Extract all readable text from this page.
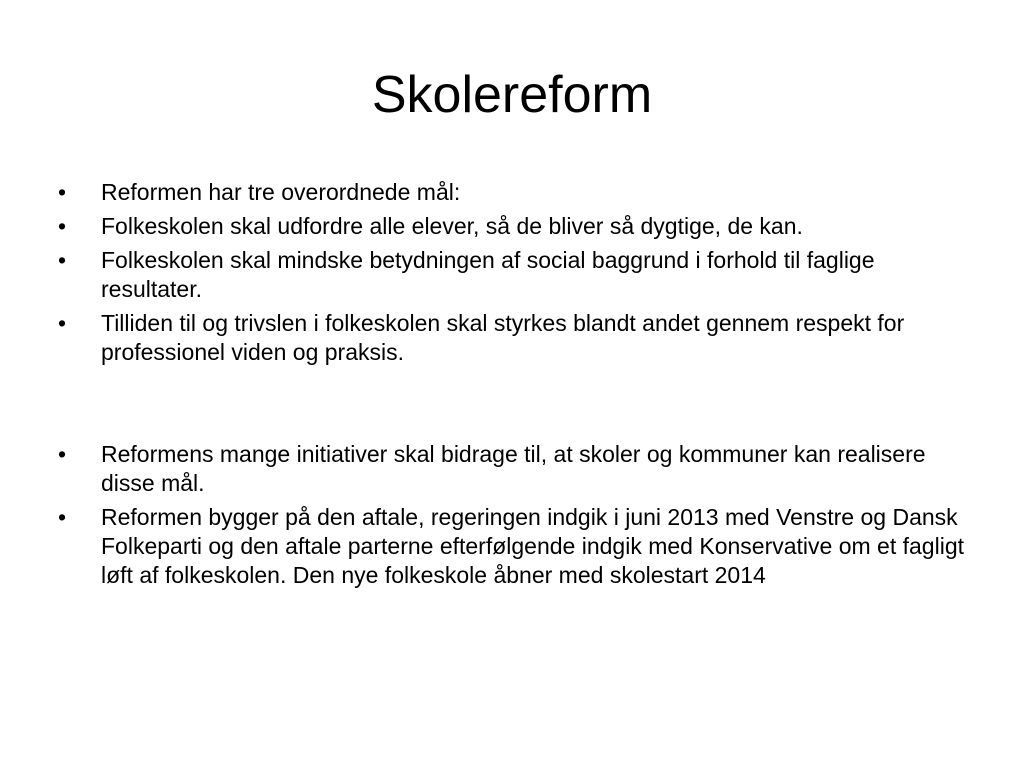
Skolereform
•	Reformen har tre overordnede mål:
•	Folkeskolen skal udfordre alle elever, så de bliver så dygtige, de kan.
•	Folkeskolen skal mindske betydningen af social baggrund i forhold til faglige resultater.
•	Tilliden til og trivslen i folkeskolen skal styrkes blandt andet gennem respekt for professionel viden og praksis.
•	Reformens mange initiativer skal bidrage til, at skoler og kommuner kan realisere disse mål.
•	Reformen bygger på den aftale, regeringen indgik i juni 2013 med Venstre og Dansk Folkeparti og den aftale parterne efterfølgende indgik med Konservative om et fagligt løft af folkeskolen. Den nye folkeskole åbner med skolestart 2014
